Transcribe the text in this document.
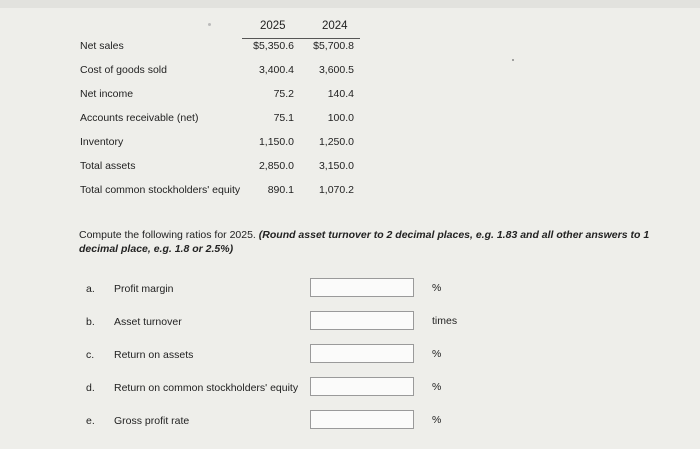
2025	2024
Net sales	$5,350.6 $5,700.8
Cost of goods sold	3,400.4 3,600.5
Net income	75.2	140.4
Accounts receivable (net)	75.1	100.0
Inventory	1,150.0 1,250.0
Total assets	2,850.0 3,150.0
Total common stockholders' equity	890.1 1,070.2
Compute the following ratios for 2025. (Round asset turnover to 2 decimal places, e.g. 1.83 and all other answers to 1 decimal place, e.g. 1.8 or 2.5%)
a. Profit margin	%
b. Asset turnover	times
c. Return on assets	%
d. Return on common stockholders' equity	%
e. Gross profit rate	%
